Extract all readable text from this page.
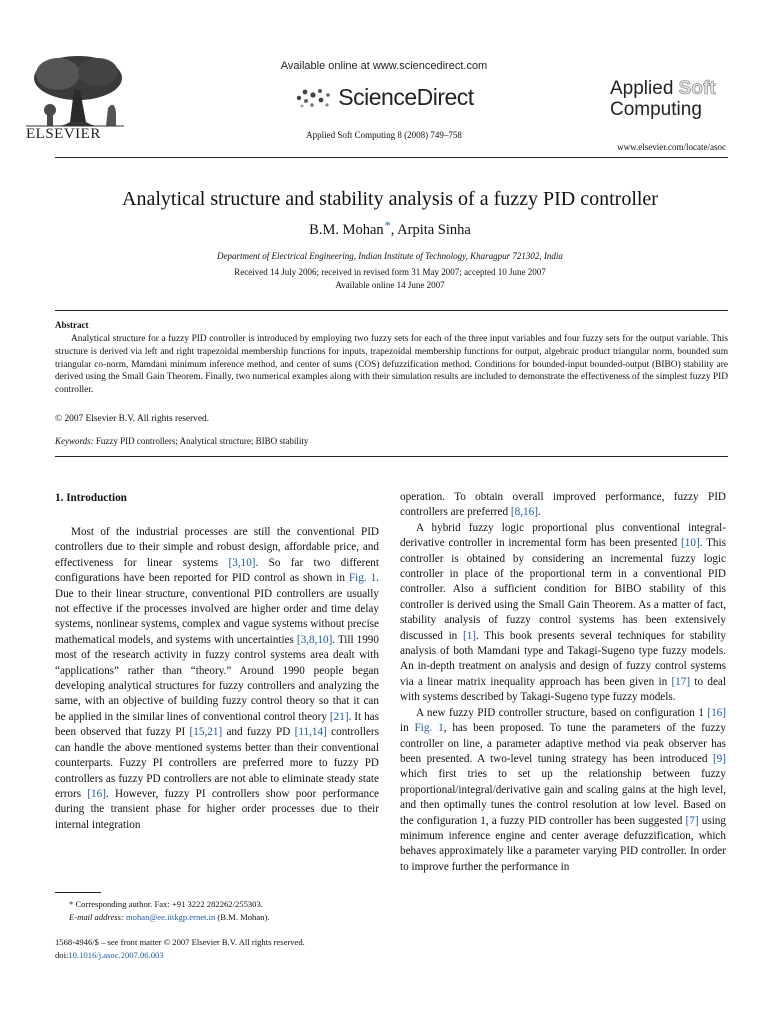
ELSEVIER
Available online at www.sciencedirect.com
ScienceDirect
Applied Soft Computing 8 (2008) 749–758
Applied Soft
Computing
www.elsevier.com/locate/asoc
Analytical structure and stability analysis of a fuzzy PID controller
B.M. Mohan*, Arpita Sinha
Department of Electrical Engineering, Indian Institute of Technology, Kharagpur 721302, India
Received 14 July 2006; received in revised form 31 May 2007; accepted 10 June 2007
Available online 14 June 2007
Abstract

Analytical structure for a fuzzy PID controller is introduced by employing two fuzzy sets for each of the three input variables and four fuzzy sets for the output variable. This structure is derived via left and right trapezoidal membership functions for inputs, trapezoidal membership functions for output, algebraic product triangular norm, bounded sum triangular co-norm, Mamdani minimum inference method, and center of sums (COS) defuzzification method. Conditions for bounded-input bounded-output (BIBO) stability are derived using the Small Gain Theorem. Finally, two numerical examples along with their simulation results are included to demonstrate the effectiveness of the simplest fuzzy PID controller.

© 2007 Elsevier B.V. All rights reserved.
Keywords: Fuzzy PID controllers; Analytical structure; BIBO stability
1. Introduction

Most of the industrial processes are still the conventional PID controllers due to their simple and robust design, affordable price, and effectiveness for linear systems [3,10]. So far two different configurations have been reported for PID control as shown in Fig. 1. Due to their linear structure, conventional PID controllers are usually not effective if the processes involved are higher order and time delay systems, nonlinear systems, complex and vague systems without precise mathematical models, and systems with uncertainties [3,8,10]. Till 1990 most of the research activity in fuzzy control systems area dealt with “applications” rather than “theory.” Around 1990 people began developing analytical structures for fuzzy controllers and analyzing the same, with an objective of building fuzzy control theory so that it can be applied in the similar lines of conventional control theory [21]. It has been observed that fuzzy PI [15,21] and fuzzy PD [11,14] controllers can handle the above mentioned systems better than their conventional counterparts. Fuzzy PI controllers are preferred more to fuzzy PD controllers as fuzzy PD controllers are not able to eliminate steady state errors [16]. However, fuzzy PI controllers show poor performance during the transient phase for higher order processes due to their internal integration

operation. To obtain overall improved performance, fuzzy PID controllers are preferred [8,16].

A hybrid fuzzy logic proportional plus conventional integral-derivative controller in incremental form has been presented [10]. This controller is obtained by considering an incremental fuzzy logic controller in place of the proportional term in a conventional PID controller. Also a sufficient condition for BIBO stability of this controller is derived using the Small Gain Theorem. As a matter of fact, stability analysis of fuzzy control systems has been extensively discussed in [1]. This book presents several techniques for stability analysis of both Mamdani type and Takagi-Sugeno type fuzzy models. An in-depth treatment on analysis and design of fuzzy control systems via a linear matrix inequality approach has been given in [17] to deal with systems described by Takagi-Sugeno type fuzzy models.

A new fuzzy PID controller structure, based on configuration 1 [16] in Fig. 1, has been proposed. To tune the parameters of the fuzzy controller on line, a parameter adaptive method via peak observer has been presented. A two-level tuning strategy has been introduced [9] which first tries to set up the relationship between fuzzy proportional/integral/derivative gain and scaling gains at the high level, and then optimally tunes the control resolution at low level. Based on the configuration 1, a fuzzy PID controller has been suggested [7] using minimum inference engine and center average defuzzification, which behaves approximately like a parameter varying PID controller. In order to improve further the performance in

* Corresponding author. Fax: +91 3222 282262/255303.
E-mail address: mohan@ee.iitkgp.ernet.in (B.M. Mohan).
1568-4946/$ – see front matter © 2007 Elsevier B.V. All rights reserved.
doi:10.1016/j.asoc.2007.06.003
